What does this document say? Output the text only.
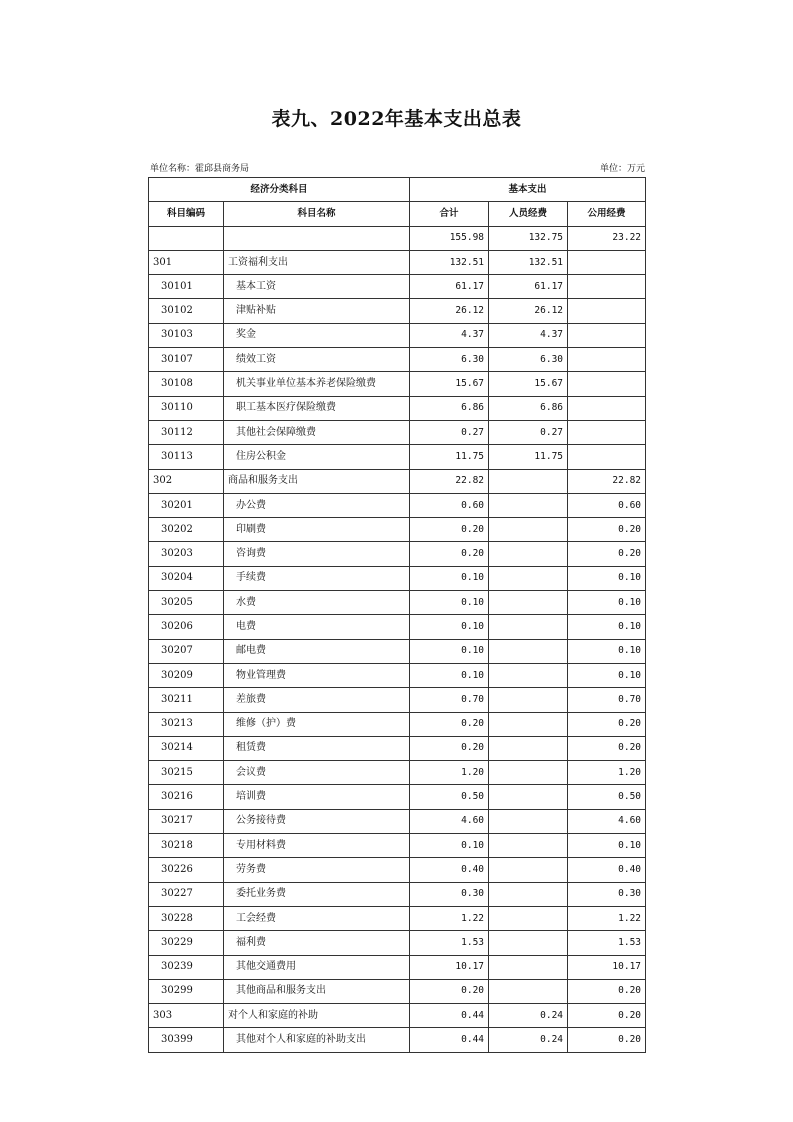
表九、2022年基本支出总表
单位名称：霍邱县商务局	单位：万元
经济分类科目		基本支出		
科目编码	科目名称	合计	人员经费	公用经费
		155.98	132.75	23.22
301	工资福利支出	132.51	132.51	
30101	基本工资	61.17	61.17	
30102	津贴补贴	26.12	26.12	
30103	奖金	4.37	4.37	
30107	绩效工资	6.30	6.30	
30108	机关事业单位基本养老保险缴费	15.67	15.67	
30110	职工基本医疗保险缴费	6.86	6.86	
30112	其他社会保障缴费	0.27	0.27	
30113	住房公积金	11.75	11.75	
302	商品和服务支出	22.82		22.82
30201	办公费	0.60		0.60
30202	印刷费	0.20		0.20
30203	咨询费	0.20		0.20
30204	手续费	0.10		0.10
30205	水费	0.10		0.10
30206	电费	0.10		0.10
30207	邮电费	0.10		0.10
30209	物业管理费	0.10		0.10
30211	差旅费	0.70		0.70
30213	维修（护）费	0.20		0.20
30214	租赁费	0.20		0.20
30215	会议费	1.20		1.20
30216	培训费	0.50		0.50
30217	公务接待费	4.60		4.60
30218	专用材料费	0.10		0.10
30226	劳务费	0.40		0.40
30227	委托业务费	0.30		0.30
30228	工会经费	1.22		1.22
30229	福利费	1.53		1.53
30239	其他交通费用	10.17		10.17
30299	其他商品和服务支出	0.20		0.20
303	对个人和家庭的补助	0.44	0.24	0.20
30399	其他对个人和家庭的补助支出	0.44	0.24	0.20
